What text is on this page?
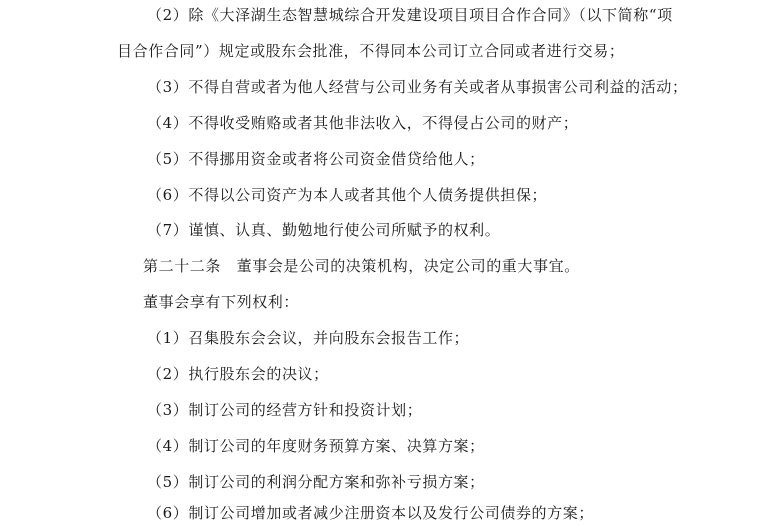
（2）除《大泽湖生态智慧城综合开发建设项目项目合作合同》（以下简称“项
目合作合同”）规定或股东会批准，不得同本公司订立合同或者进行交易；
（3）不得自营或者为他人经营与公司业务有关或者从事损害公司利益的活动；
（4）不得收受贿赂或者其他非法收入，不得侵占公司的财产；
（5）不得挪用资金或者将公司资金借贷给他人；
（6）不得以公司资产为本人或者其他个人债务提供担保；
（7）谨慎、认真、勤勉地行使公司所赋予的权利。
第二十二条　董事会是公司的决策机构，决定公司的重大事宜。
董事会享有下列权利：
（1）召集股东会会议，并向股东会报告工作；
（2）执行股东会的决议；
（3）制订公司的经营方针和投资计划；
（4）制订公司的年度财务预算方案、决算方案；
（5）制订公司的利润分配方案和弥补亏损方案；
（6）制订公司增加或者减少注册资本以及发行公司债券的方案；
